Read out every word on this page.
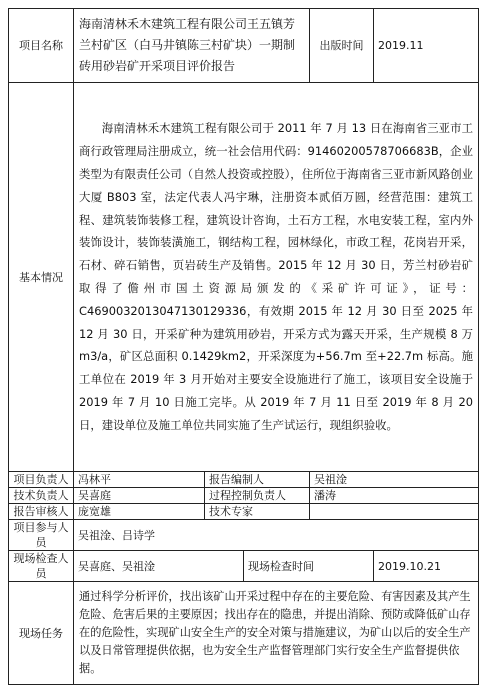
项目名称	海南清林禾木建筑工程有限公司王五镇芳兰村矿区（白马井镇陈三村矿块）一期制砖用砂岩矿开采项目评价报告			出版时间	2019.11
基本情况	海南清林禾木建筑工程有限公司于 2011 年 7 月 13 日在海南省三亚市工商行政管理局注册成立，统一社会信用代码：91460200578706683B，企业类型为有限责任公司（自然人投资或控股），住所位于海南省三亚市新风路创业大厦 B803 室，法定代表人冯宇琳，注册资本贰佰万圆，经营范围：建筑工程、建筑装饰装修工程，建筑设计咨询，土石方工程，水电安装工程，室内外装饰设计，装饰装潢施工，钢结构工程，园林绿化，市政工程，花岗岩开采，石材、碎石销售，页岩砖生产及销售。2015 年 12 月 30 日，芳兰村砂岩矿取得了儋州市国土资源局颁发的《采矿许可证》，证号：C4690032013047130129336，有效期 2015 年 12 月 30 日至 2025 年 12 月 30 日，开采矿种为建筑用砂岩，开采方式为露天开采，生产规模 8 万 m3/a，矿区总面积 0.1429km2，开采深度为+56.7m 至+22.7m 标高。施工单位在 2019 年 3 月开始对主要安全设施进行了施工，该项目安全设施于 2019 年 7 月 10 日施工完毕。从 2019 年 7 月 11 日至 2019 年 8 月 20 日，建设单位及施工单位共同实施了生产试运行，现组织验收。				

项目负责人	冯林平	报告编制人		吴祖淦	
技术负责人	吴喜庭	过程控制负责人		潘涛	
报告审核人	庞宽雄	技术专家			
项目参与人员	吴祖淦、吕诗学				
现场检查人员	吴喜庭、吴祖淦		现场检查时间		2019.10.21
现场任务	通过科学分析评价，找出该矿山开采过程中存在的主要危险、有害因素及其产生危险、危害后果的主要原因；找出存在的隐患，并提出消除、预防或降低矿山存在的危险性，实现矿山安全生产的安全对策与措施建议，为矿山以后的安全生产以及日常管理提供依据，也为安全生产监督管理部门实行安全生产监督提供依据。				
